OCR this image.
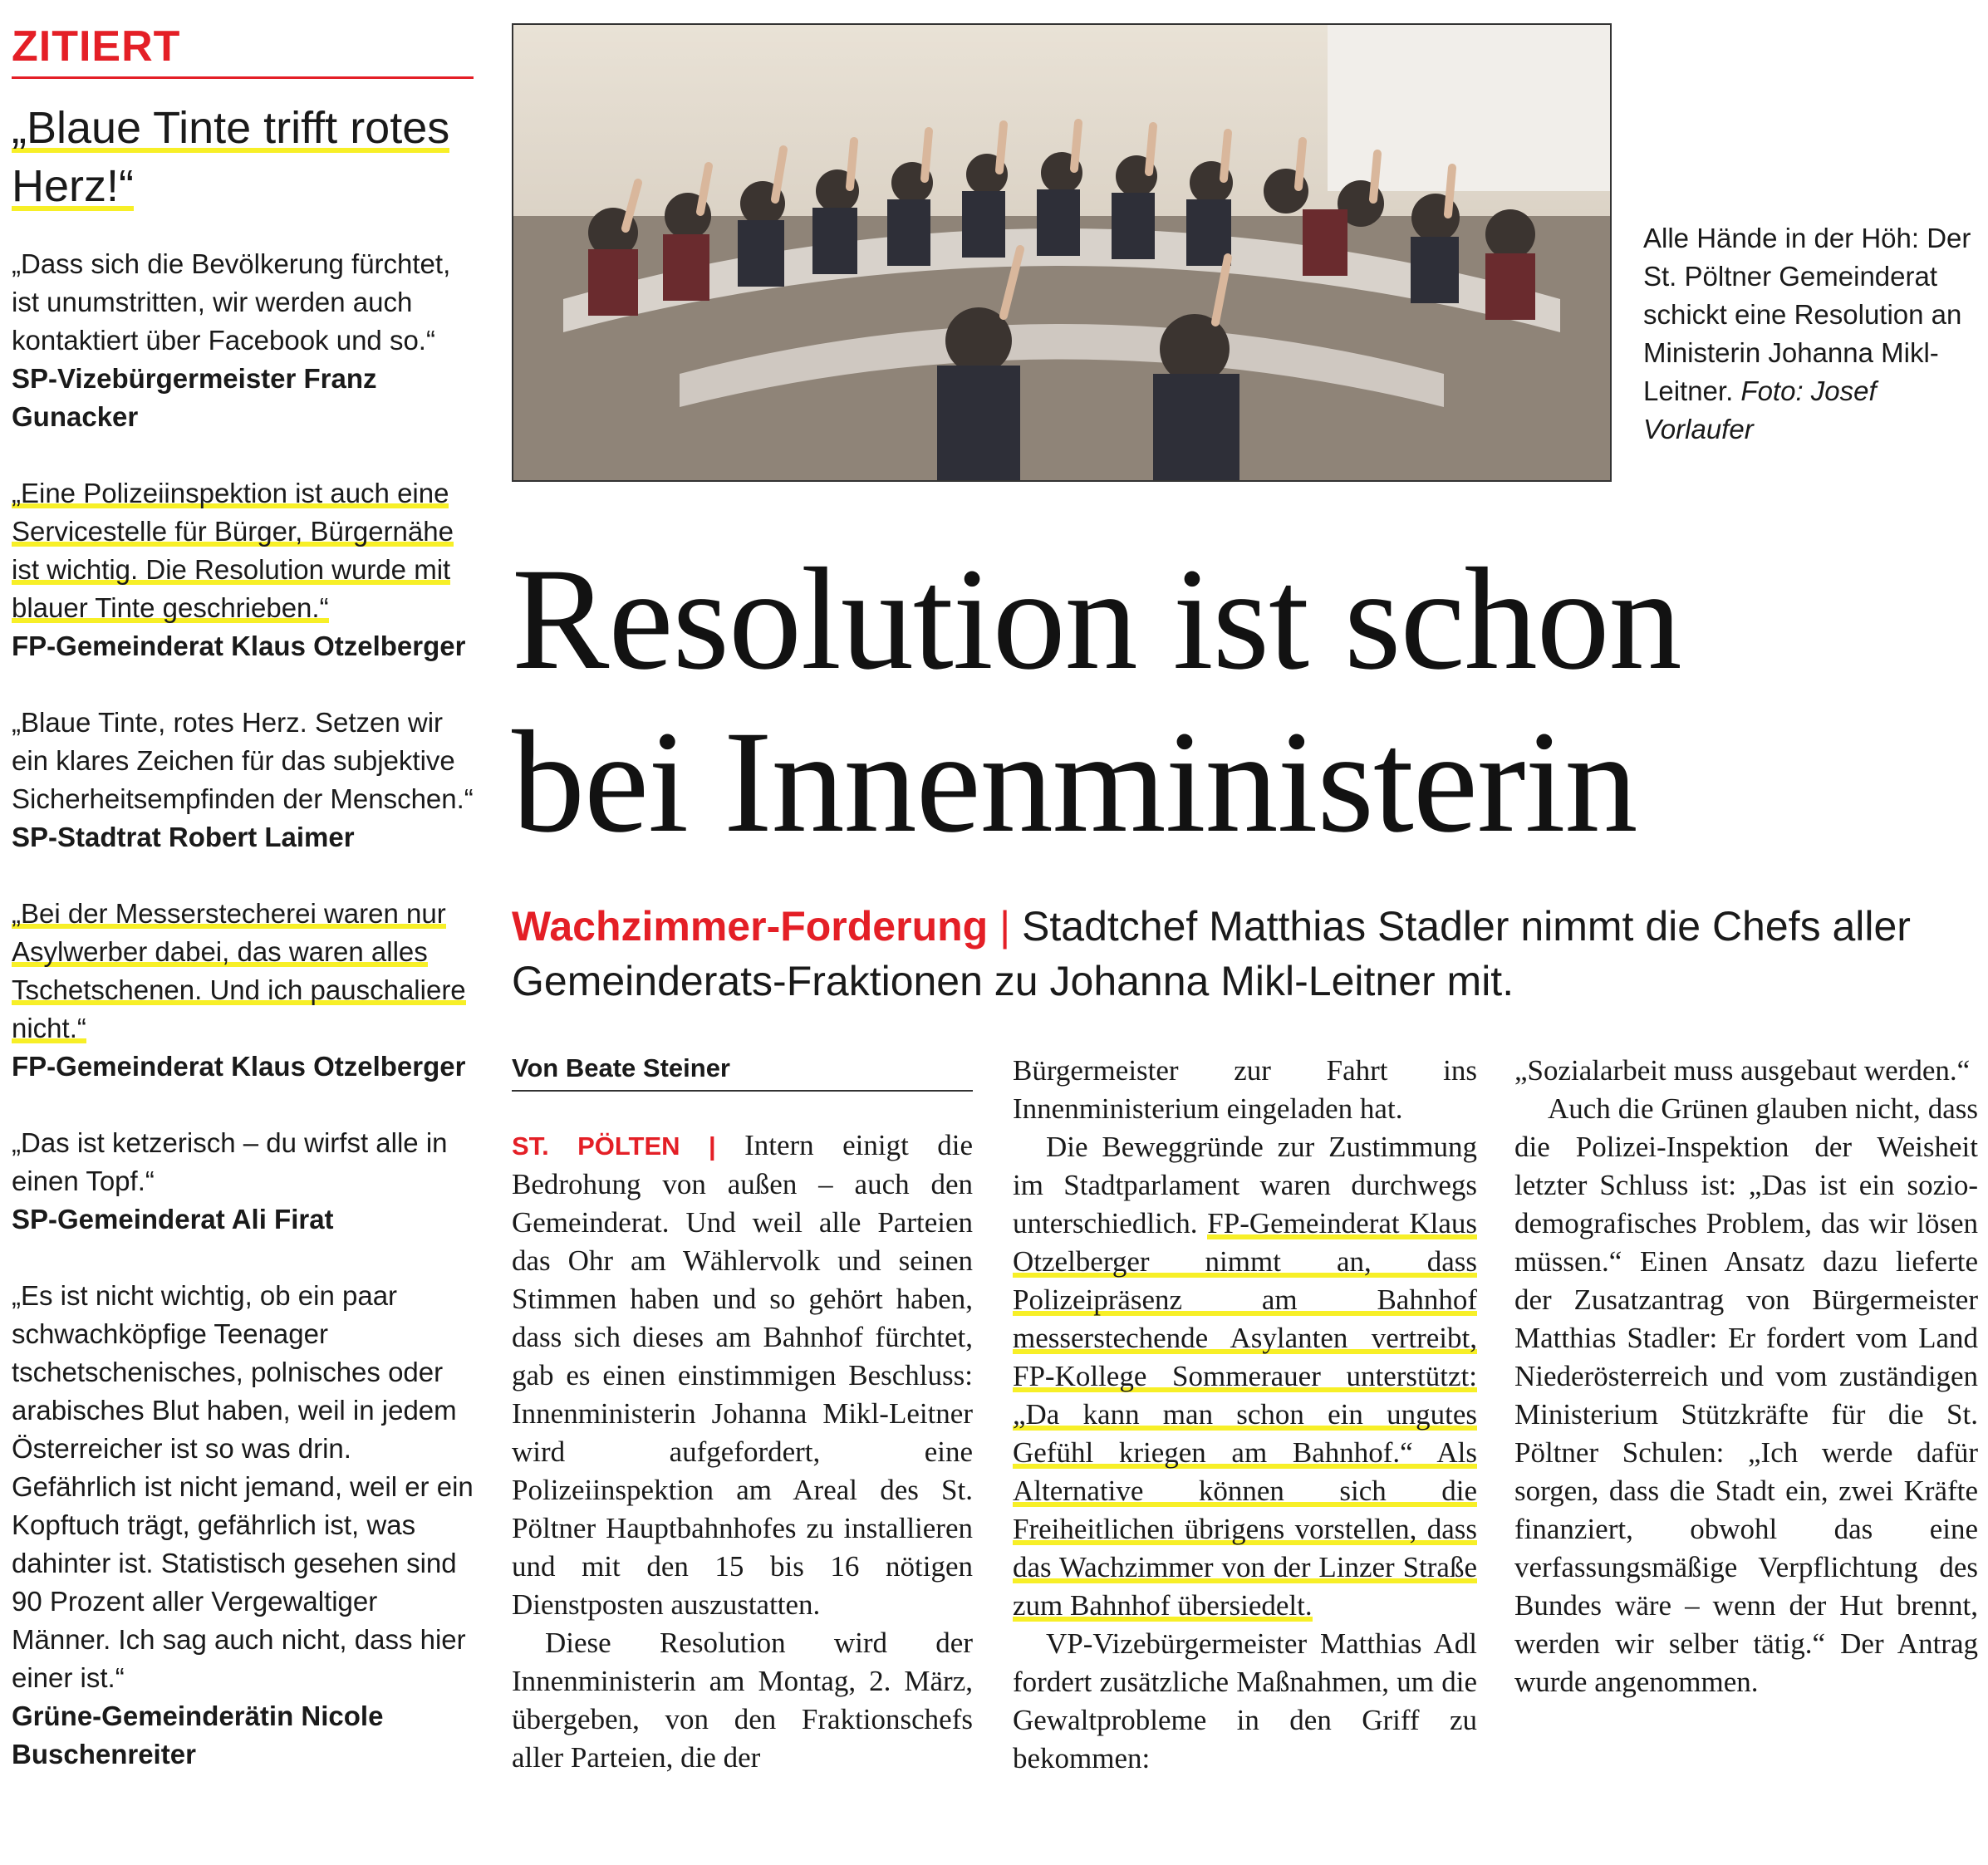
ZITIERT
„Blaue Tinte trifft rotes Herz!“
„Dass sich die Bevölkerung fürchtet, ist unumstritten, wir werden auch kontaktiert über Facebook und so.“
SP-Vizebürgermeister Franz Gunacker
„Eine Polizeiinspektion ist auch eine Servicestelle für Bürger, Bürgernähe ist wichtig. Die Resolution wurde mit blauer Tinte geschrieben.“
FP-Gemeinderat Klaus Otzelberger
„Blaue Tinte, rotes Herz. Setzen wir ein klares Zeichen für das subjektive Sicherheitsempfinden der Menschen.“
SP-Stadtrat Robert Laimer
„Bei der Messerstecherei waren nur Asylwerber dabei, das waren alles Tschetschenen. Und ich pauschaliere nicht.“
FP-Gemeinderat Klaus Otzelberger
„Das ist ketzerisch – du wirfst alle in einen Topf.“
SP-Gemeinderat Ali Firat
„Es ist nicht wichtig, ob ein paar schwachköpfige Teenager tschetschenisches, polnisches oder arabisches Blut haben, weil in jedem Österreicher ist so was drin. Gefährlich ist nicht jemand, weil er ein Kopftuch trägt, gefährlich ist, was dahinter ist. Statistisch gesehen sind 90 Prozent aller Vergewaltiger Männer. Ich sag auch nicht, dass hier einer ist.“
Grüne-Gemeinderätin Nicole Buschenreiter
Alle Hände in der Höh: Der St. Pöltner Gemeinderat schickt eine Resolution an Ministerin Johanna Mikl-Leitner. Foto: Josef Vorlaufer
Resolution ist schon
bei Innenministerin
Wachzimmer-Forderung | Stadtchef Matthias Stadler nimmt die Chefs aller Gemeinderats-Fraktionen zu Johanna Mikl-Leitner mit.
Von Beate Steiner

ST. PÖLTEN | Intern einigt die Bedrohung von außen – auch den Gemeinderat. Und weil alle Parteien das Ohr am Wählervolk und seinen Stimmen haben und so gehört haben, dass sich dieses am Bahnhof fürchtet, gab es einen einstimmigen Beschluss: Innenministerin Johanna Mikl-Leitner wird aufgefordert, eine Polizeiinspektion am Areal des St. Pöltner Hauptbahnhofes zu installieren und mit den 15 bis 16 nötigen Dienstposten auszustatten.

Diese Resolution wird der Innenministerin am Montag, 2. März, übergeben, von den Fraktionschefs aller Parteien, die der

Bürgermeister zur Fahrt ins Innenministerium eingeladen hat.

Die Beweggründe zur Zustimmung im Stadtparlament waren durchwegs unterschiedlich. FP-Gemeinderat Klaus Otzelberger nimmt an, dass Polizeipräsenz am Bahnhof messerstechende Asylanten vertreibt, FP-Kollege Sommerauer unterstützt: „Da kann man schon ein ungutes Gefühl kriegen am Bahnhof.“ Als Alternative können sich die Freiheitlichen übrigens vorstellen, dass das Wachzimmer von der Linzer Straße zum Bahnhof übersiedelt.

VP-Vizebürgermeister Matthias Adl fordert zusätzliche Maßnahmen, um die Gewaltprobleme in den Griff zu bekommen:

„Sozialarbeit muss ausgebaut werden.“

Auch die Grünen glauben nicht, dass die Polizei-Inspektion der Weisheit letzter Schluss ist: „Das ist ein sozio-demografisches Problem, das wir lösen müssen.“ Einen Ansatz dazu lieferte der Zusatzantrag von Bürgermeister Matthias Stadler: Er fordert vom Land Niederösterreich und vom zuständigen Ministerium Stützkräfte für die St. Pöltner Schulen: „Ich werde dafür sorgen, dass die Stadt ein, zwei Kräfte finanziert, obwohl das eine verfassungsmäßige Verpflichtung des Bundes wäre – wenn der Hut brennt, werden wir selber tätig.“ Der Antrag wurde angenommen.
